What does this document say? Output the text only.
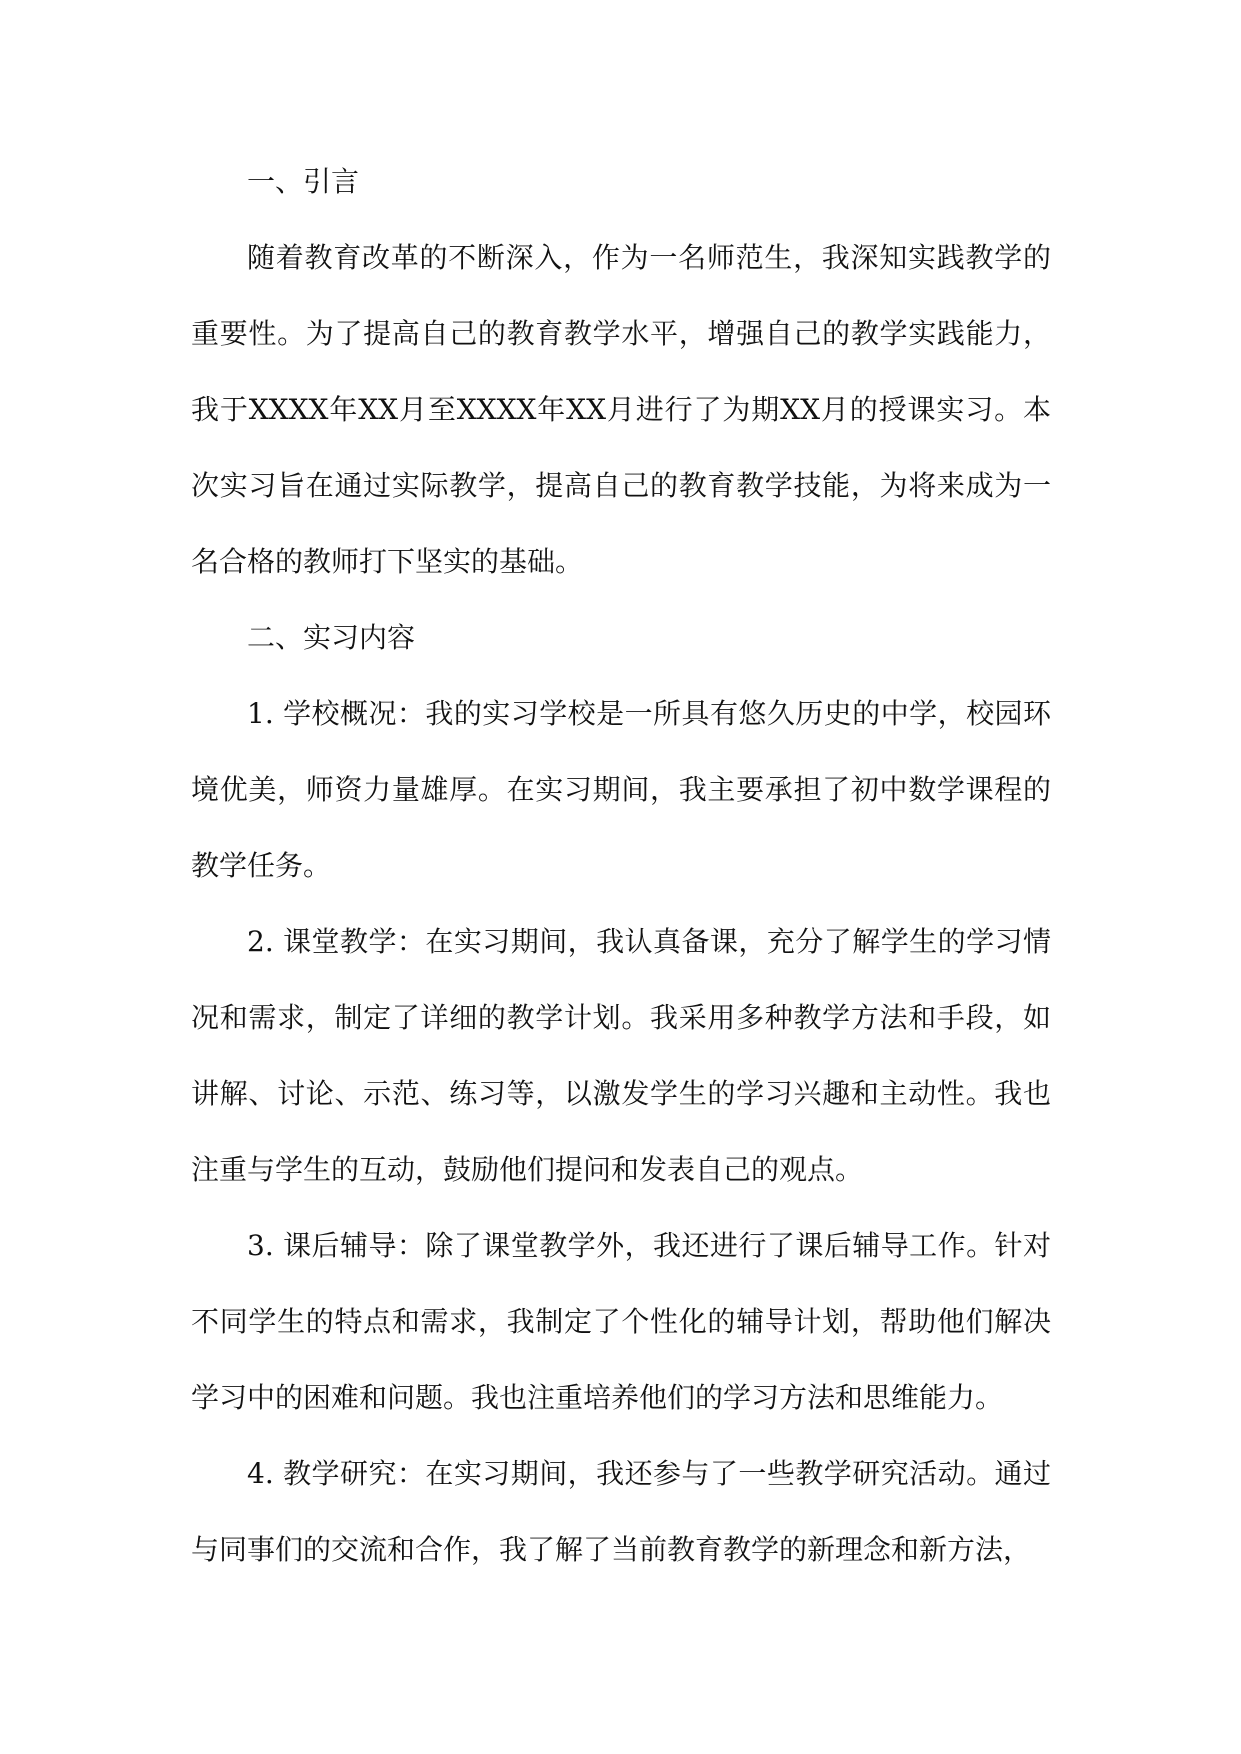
一、引言

随着教育改革的不断深入，作为一名师范生，我深知实践教学的重要性。为了提高自己的教育教学水平，增强自己的教学实践能力，我于XXXX年XX月至XXXX年XX月进行了为期XX月的授课实习。本次实习旨在通过实际教学，提高自己的教育教学技能，为将来成为一名合格的教师打下坚实的基础。

二、实习内容

1. 学校概况：我的实习学校是一所具有悠久历史的中学，校园环境优美，师资力量雄厚。在实习期间，我主要承担了初中数学课程的教学任务。

2. 课堂教学：在实习期间，我认真备课，充分了解学生的学习情况和需求，制定了详细的教学计划。我采用多种教学方法和手段，如讲解、讨论、示范、练习等，以激发学生的学习兴趣和主动性。我也注重与学生的互动，鼓励他们提问和发表自己的观点。

3. 课后辅导：除了课堂教学外，我还进行了课后辅导工作。针对不同学生的特点和需求，我制定了个性化的辅导计划，帮助他们解决学习中的困难和问题。我也注重培养他们的学习方法和思维能力。

4. 教学研究：在实习期间，我还参与了一些教学研究活动。通过与同事们的交流和合作，我了解了当前教育教学的新理念和新方法，
